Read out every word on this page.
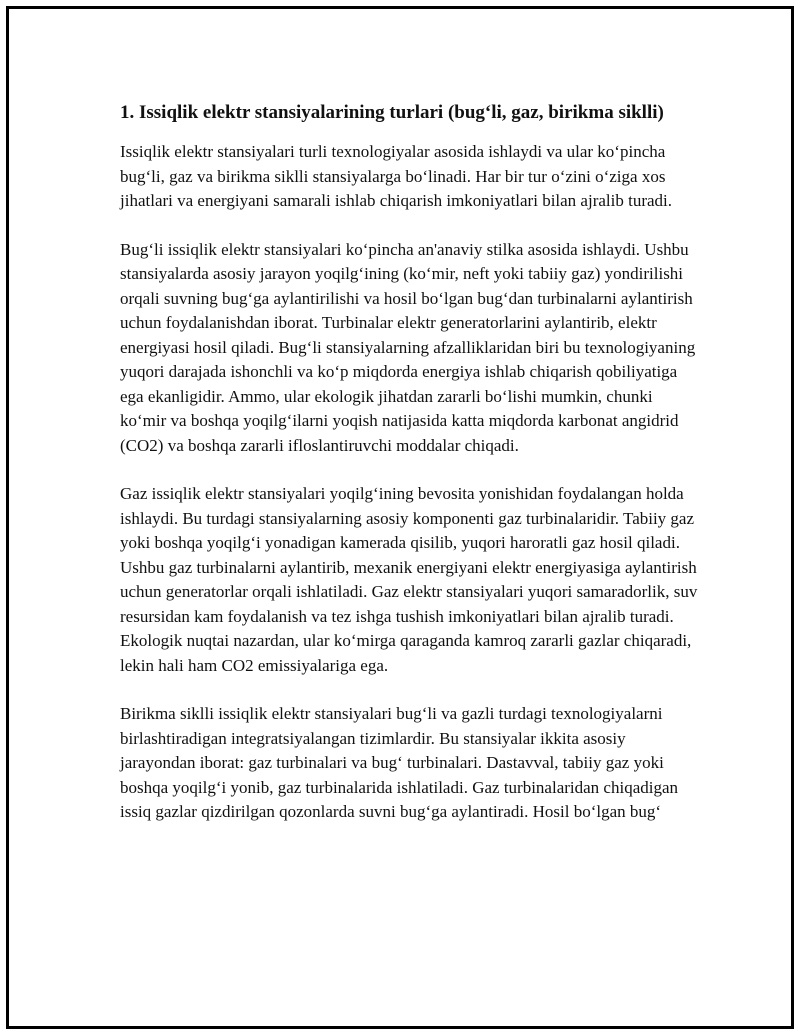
1. Issiqlik elektr stansiyalarining turlari (bug‘li, gaz, birikma siklli)

Issiqlik elektr stansiyalari turli texnologiyalar asosida ishlaydi va ular ko‘pincha bug‘li, gaz va birikma siklli stansiyalarga bo‘linadi. Har bir tur o‘zini o‘ziga xos jihatlari va energiyani samarali ishlab chiqarish imkoniyatlari bilan ajralib turadi.

Bug‘li issiqlik elektr stansiyalari ko‘pincha an'anaviy stilka asosida ishlaydi. Ushbu stansiyalarda asosiy jarayon yoqilg‘ining (ko‘mir, neft yoki tabiiy gaz) yondirilishi orqali suvning bug‘ga aylantirilishi va hosil bo‘lgan bug‘dan turbinalarni aylantirish uchun foydalanishdan iborat. Turbinalar elektr generatorlarini aylantirib, elektr energiyasi hosil qiladi. Bug‘li stansiyalarning afzalliklaridan biri bu texnologiyaning yuqori darajada ishonchli va ko‘p miqdorda energiya ishlab chiqarish qobiliyatiga ega ekanligidir. Ammo, ular ekologik jihatdan zararli bo‘lishi mumkin, chunki ko‘mir va boshqa yoqilg‘ilarni yoqish natijasida katta miqdorda karbonat angidrid (CO2) va boshqa zararli ifloslantiruvchi moddalar chiqadi.

Gaz issiqlik elektr stansiyalari yoqilg‘ining bevosita yonishidan foydalangan holda ishlaydi. Bu turdagi stansiyalarning asosiy komponenti gaz turbinalaridir. Tabiiy gaz yoki boshqa yoqilg‘i yonadigan kamerada qisilib, yuqori haroratli gaz hosil qiladi. Ushbu gaz turbinalarni aylantirib, mexanik energiyani elektr energiyasiga aylantirish uchun generatorlar orqali ishlatiladi. Gaz elektr stansiyalari yuqori samaradorlik, suv resursidan kam foydalanish va tez ishga tushish imkoniyatlari bilan ajralib turadi. Ekologik nuqtai nazardan, ular ko‘mirga qaraganda kamroq zararli gazlar chiqaradi, lekin hali ham CO2 emissiyalariga ega.

Birikma siklli issiqlik elektr stansiyalari bug‘li va gazli turdagi texnologiyalarni birlashtiradigan integratsiyalangan tizimlardir. Bu stansiyalar ikkita asosiy jarayondan iborat: gaz turbinalari va bug‘ turbinalari. Dastavval, tabiiy gaz yoki boshqa yoqilg‘i yonib, gaz turbinalarida ishlatiladi. Gaz turbinalaridan chiqadigan issiq gazlar qizdirilgan qozonlarda suvni bug‘ga aylantiradi. Hosil bo‘lgan bug‘
